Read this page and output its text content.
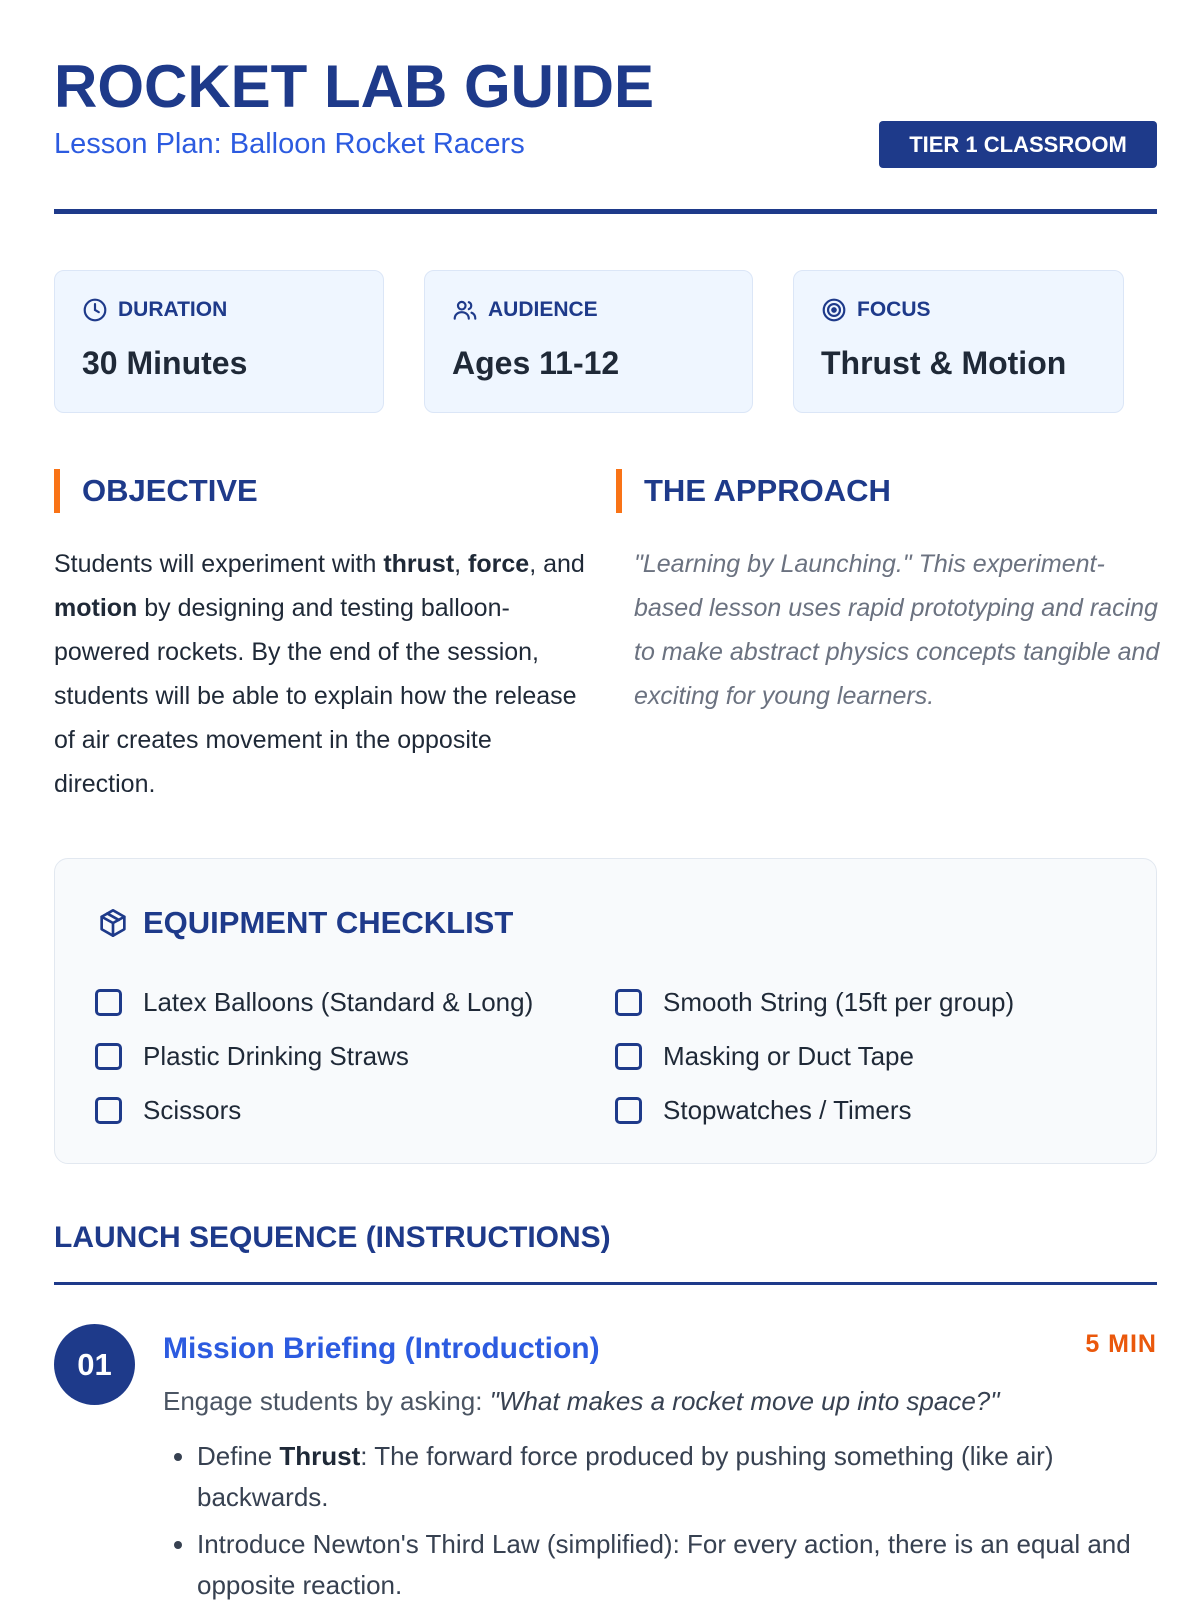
ROCKET LAB GUIDE
Lesson Plan: Balloon Rocket Racers	TIER 1 CLASSROOM
DURATION
30 Minutes
AUDIENCE
Ages 11-12
FOCUS
Thrust & Motion
OBJECTIVE
Students will experiment with thrust, force, and motion by designing and testing balloon-powered rockets. By the end of the session, students will be able to explain how the release of air creates movement in the opposite direction.
THE APPROACH
"Learning by Launching." This experiment-based lesson uses rapid prototyping and racing to make abstract physics concepts tangible and exciting for young learners.
EQUIPMENT CHECKLIST
Latex Balloons (Standard & Long)
Plastic Drinking Straws
Scissors
Smooth String (15ft per group)
Masking or Duct Tape
Stopwatches / Timers
LAUNCH SEQUENCE (INSTRUCTIONS)
01	Mission Briefing (Introduction)	5 MIN
Engage students by asking: "What makes a rocket move up into space?"
• Define Thrust: The forward force produced by pushing something (like air) backwards.
• Introduce Newton's Third Law (simplified): For every action, there is an equal and opposite reaction.
